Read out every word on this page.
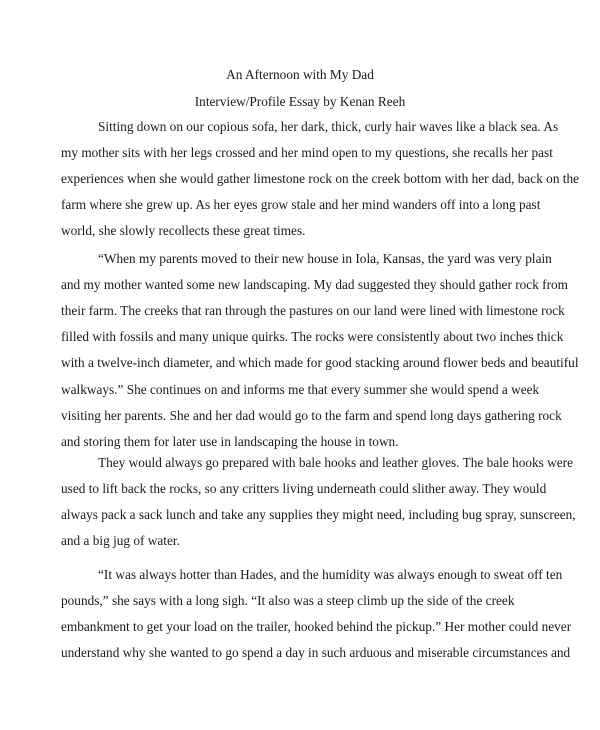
An Afternoon with My Dad
Interview/Profile Essay by Kenan Reeh
Sitting down on our copious sofa, her dark, thick, curly hair waves like a black sea. As
my mother sits with her legs crossed and her mind open to my questions, she recalls her past
experiences when she would gather limestone rock on the creek bottom with her dad, back on the
farm where she grew up. As her eyes grow stale and her mind wanders off into a long past
world, she slowly recollects these great times.
“When my parents moved to their new house in Iola, Kansas, the yard was very plain
and my mother wanted some new landscaping. My dad suggested they should gather rock from
their farm. The creeks that ran through the pastures on our land were lined with limestone rock
filled with fossils and many unique quirks. The rocks were consistently about two inches thick
with a twelve-inch diameter, and which made for good stacking around flower beds and beautiful
walkways.” She continues on and informs me that every summer she would spend a week
visiting her parents. She and her dad would go to the farm and spend long days gathering rock
and storing them for later use in landscaping the house in town.
They would always go prepared with bale hooks and leather gloves. The bale hooks were
used to lift back the rocks, so any critters living underneath could slither away. They would
always pack a sack lunch and take any supplies they might need, including bug spray, sunscreen,
and a big jug of water.
“It was always hotter than Hades, and the humidity was always enough to sweat off ten
pounds,” she says with a long sigh. “It also was a steep climb up the side of the creek
embankment to get your load on the trailer, hooked behind the pickup.” Her mother could never
understand why she wanted to go spend a day in such arduous and miserable circumstances and
